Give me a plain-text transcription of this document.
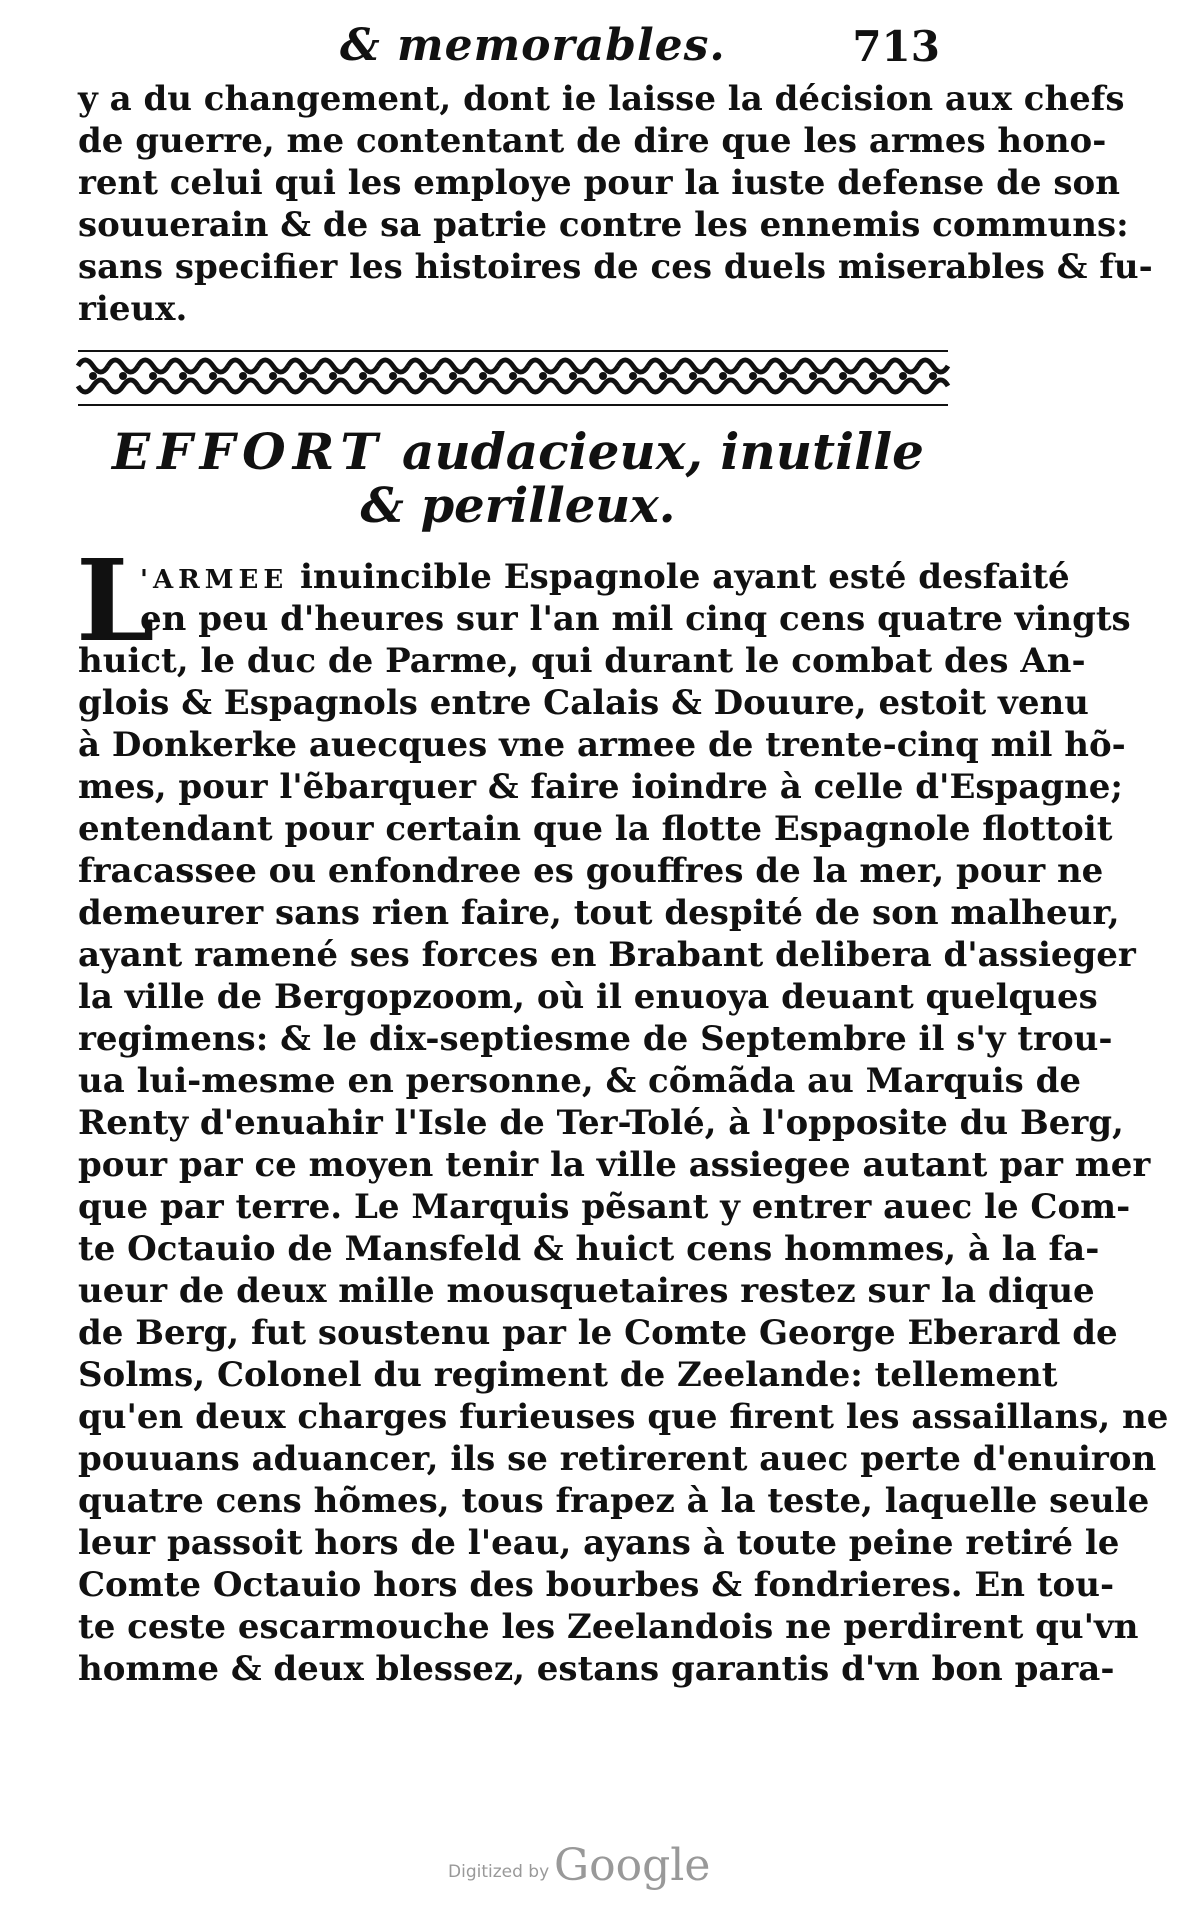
& memorables.	713
y a du changement, dont ie laisse la décision aux chefs
de guerre, me contentant de dire que les armes hono-
rent celui qui les employe pour la iuste defense de son
souuerain & de sa patrie contre les ennemis communs:
sans specifier les histoires de ces duels miserables & fu-
rieux.
EFFORT audacieux, inutille
& perilleux.
L
'ARMEE inuincible Espagnole ayant esté desfaité
en peu d'heures sur l'an mil cinq cens quatre vingts
huict, le duc de Parme, qui durant le combat des An-
glois & Espagnols entre Calais & Douure, estoit venu
à Donkerke auecques vne armee de trente-cinq mil hõ-
mes, pour l'ẽbarquer & faire ioindre à celle d'Espagne;
entendant pour certain que la flotte Espagnole flottoit
fracassee ou enfondree es gouffres de la mer, pour ne
demeurer sans rien faire, tout despité de son malheur,
ayant ramené ses forces en Brabant delibera d'assieger
la ville de Bergopzoom, où il enuoya deuant quelques
regimens: & le dix-septiesme de Septembre il s'y trou-
ua lui-mesme en personne, & cõmãda au Marquis de
Renty d'enuahir l'Isle de Ter-Tolé, à l'opposite du Berg,
pour par ce moyen tenir la ville assiegee autant par mer
que par terre. Le Marquis pẽsant y entrer auec le Com-
te Octauio de Mansfeld & huict cens hommes, à la fa-
ueur de deux mille mousquetaires restez sur la dique
de Berg, fut soustenu par le Comte George Eberard de
Solms, Colonel du regiment de Zeelande: tellement
qu'en deux charges furieuses que firent les assaillans, ne
pouuans aduancer, ils se retirerent auec perte d'enuiron
quatre cens hõmes, tous frapez à la teste, laquelle seule
leur passoit hors de l'eau, ayans à toute peine retiré le
Comte Octauio hors des bourbes & fondrieres. En tou-
te ceste escarmouche les Zeelandois ne perdirent qu'vn
homme & deux blessez, estans garantis d'vn bon para-
Digitized by Google
